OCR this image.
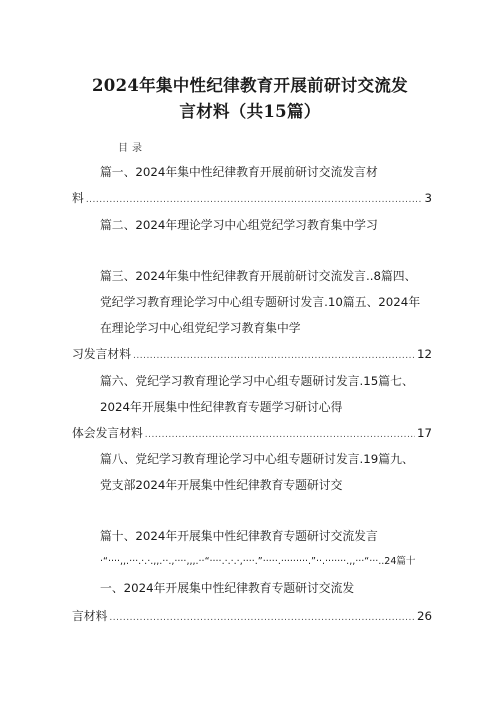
2024年集中性纪律教育开展前研讨交流发
言材料（共15篇）
目录
篇一、2024年集中性纪律教育开展前研讨交流发言材
料 .....	3
篇二、2024年理论学习中心组党纪学习教育集中学习
篇三、2024年集中性纪律教育开展前研讨交流发言..8篇四、
党纪学习教育理论学习中心组专题研讨发言.10篇五、2024年
在理论学习中心组党纪学习教育集中学
习发言材料 .....	12
篇六、党纪学习教育理论学习中心组专题研讨发言.15篇七、
2024年开展集中性纪律教育专题学习研讨心得
体会发言材料 .....	17
篇八、党纪学习教育理论学习中心组专题研讨发言.19篇九、
党支部2024年开展集中性纪律教育专题研讨交
篇十、2024年开展集中性纪律教育专题研讨交流发言
·“····,,.···.·.·.,,.··.,····,,,.··“····.·.·.·,····.”·····.·········.”··.·······.,,···“···..24篇十
一、2024年开展集中性纪律教育专题研讨交流发
言材料 .....	26
